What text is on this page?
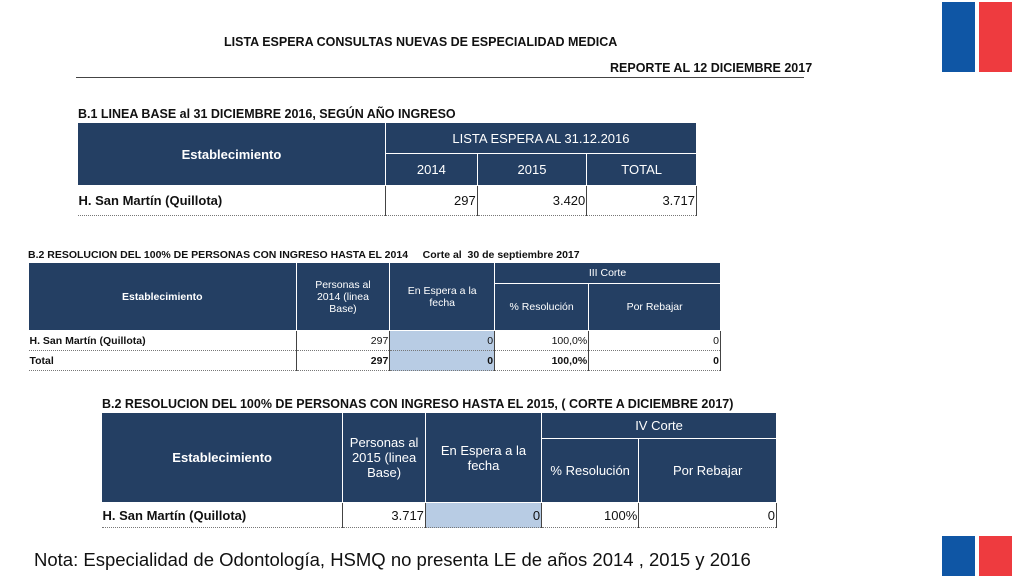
LISTA ESPERA CONSULTAS NUEVAS DE ESPECIALIDAD MEDICA
REPORTE AL 12 DICIEMBRE 2017
B.1 LINEA BASE al 31 DICIEMBRE 2016, SEGÚN AÑO INGRESO
Establecimiento	LISTA ESPERA AL 31.12.2016		
	2014	2015	TOTAL
H. San Martín (Quillota)	297	3.420	3.717
B.2 RESOLUCION DEL 100% DE PERSONAS CON INGRESO HASTA EL 2014     Corte al  30 de septiembre 2017
Establecimiento	Personas al 2014 (linea Base)	En Espera a la fecha	III Corte	
			% Resolución	Por Rebajar
H. San Martín (Quillota)	297	0	100,0%	0
Total	297	0	100,0%	0
B.2 RESOLUCION DEL 100% DE PERSONAS CON INGRESO HASTA EL 2015, ( CORTE A DICIEMBRE 2017)
Establecimiento	Personas al 2015 (linea Base)	En Espera a la fecha	IV Corte	
			% Resolución	Por Rebajar
H. San Martín (Quillota)	3.717	0	100%	0
Nota: Especialidad de Odontología, HSMQ no presenta LE de años 2014 , 2015 y 2016
